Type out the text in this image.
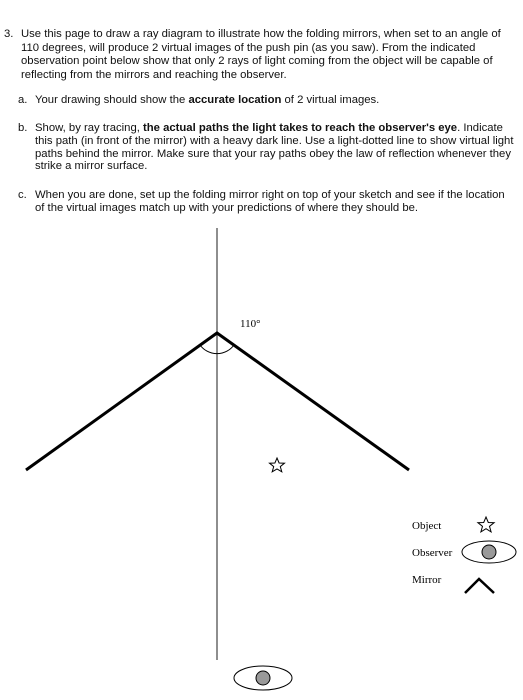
3. Use this page to draw a ray diagram to illustrate how the folding mirrors, when set to an angle of 110 degrees, will produce 2 virtual images of the push pin (as you saw). From the indicated observation point below show that only 2 rays of light coming from the object will be capable of reflecting from the mirrors and reaching the observer.
a. Your drawing should show the accurate location of 2 virtual images.
b. Show, by ray tracing, the actual paths the light takes to reach the observer's eye. Indicate this path (in front of the mirror) with a heavy dark line. Use a light-dotted line to show virtual light paths behind the mirror. Make sure that your ray paths obey the law of reflection whenever they strike a mirror surface.
c. When you are done, set up the folding mirror right on top of your sketch and see if the location of the virtual images match up with your predictions of where they should be.
110°
Object
Observer
Mirror
